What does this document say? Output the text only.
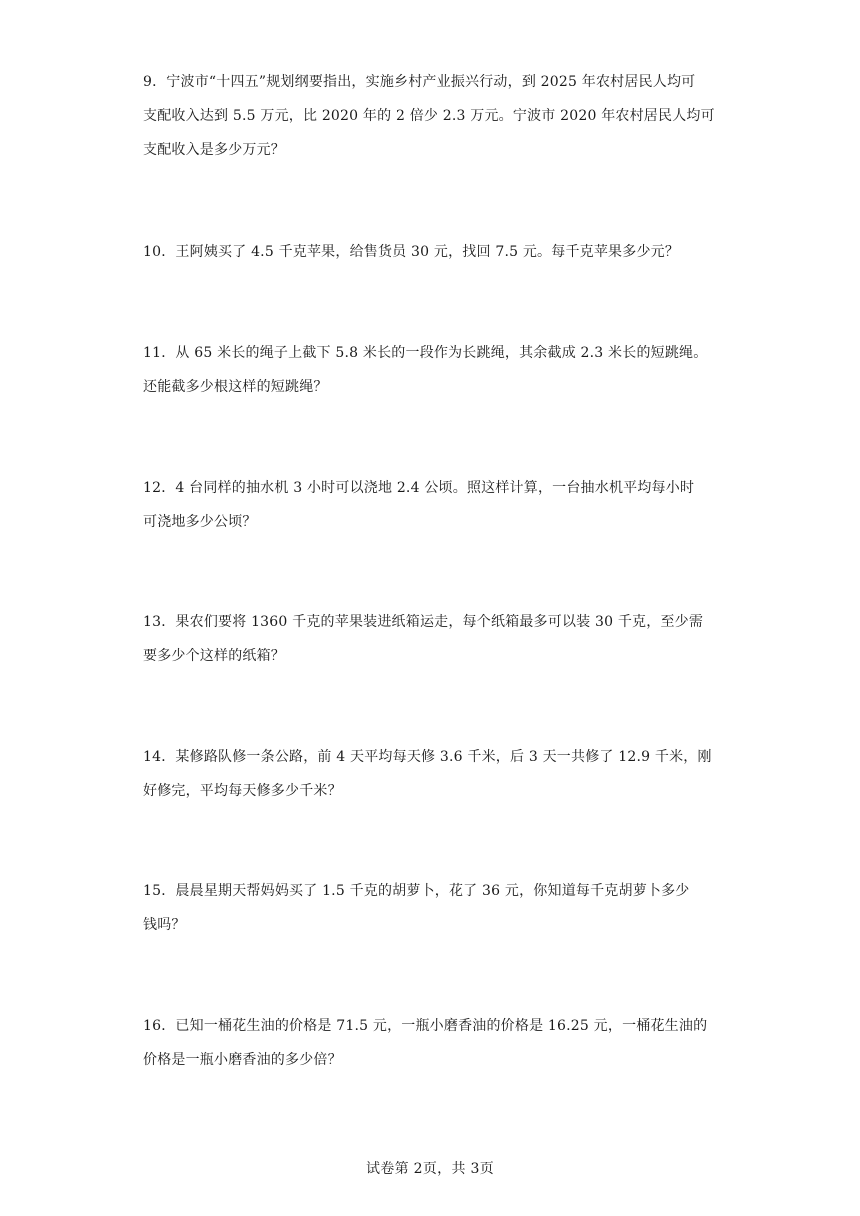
9．宁波市“十四五”规划纲要指出，实施乡村产业振兴行动，到 2025 年农村居民人均可
支配收入达到 5.5 万元，比 2020 年的 2 倍少 2.3 万元。宁波市 2020 年农村居民人均可
支配收入是多少万元？
10．王阿姨买了 4.5 千克苹果，给售货员 30 元，找回 7.5 元。每千克苹果多少元？
11．从 65 米长的绳子上截下 5.8 米长的一段作为长跳绳，其余截成 2.3 米长的短跳绳。
还能截多少根这样的短跳绳？
12．4 台同样的抽水机 3 小时可以浇地 2.4 公顷。照这样计算，一台抽水机平均每小时
可浇地多少公顷？
13．果农们要将 1360 千克的苹果装进纸箱运走，每个纸箱最多可以装 30 千克，至少需
要多少个这样的纸箱？
14．某修路队修一条公路，前 4 天平均每天修 3.6 千米，后 3 天一共修了 12.9 千米，刚
好修完，平均每天修多少千米？
15．晨晨星期天帮妈妈买了 1.5 千克的胡萝卜，花了 36 元，你知道每千克胡萝卜多少
钱吗？
16．已知一桶花生油的价格是 71.5 元，一瓶小磨香油的价格是 16.25 元，一桶花生油的
价格是一瓶小磨香油的多少倍？
试卷第 2页，共 3页
